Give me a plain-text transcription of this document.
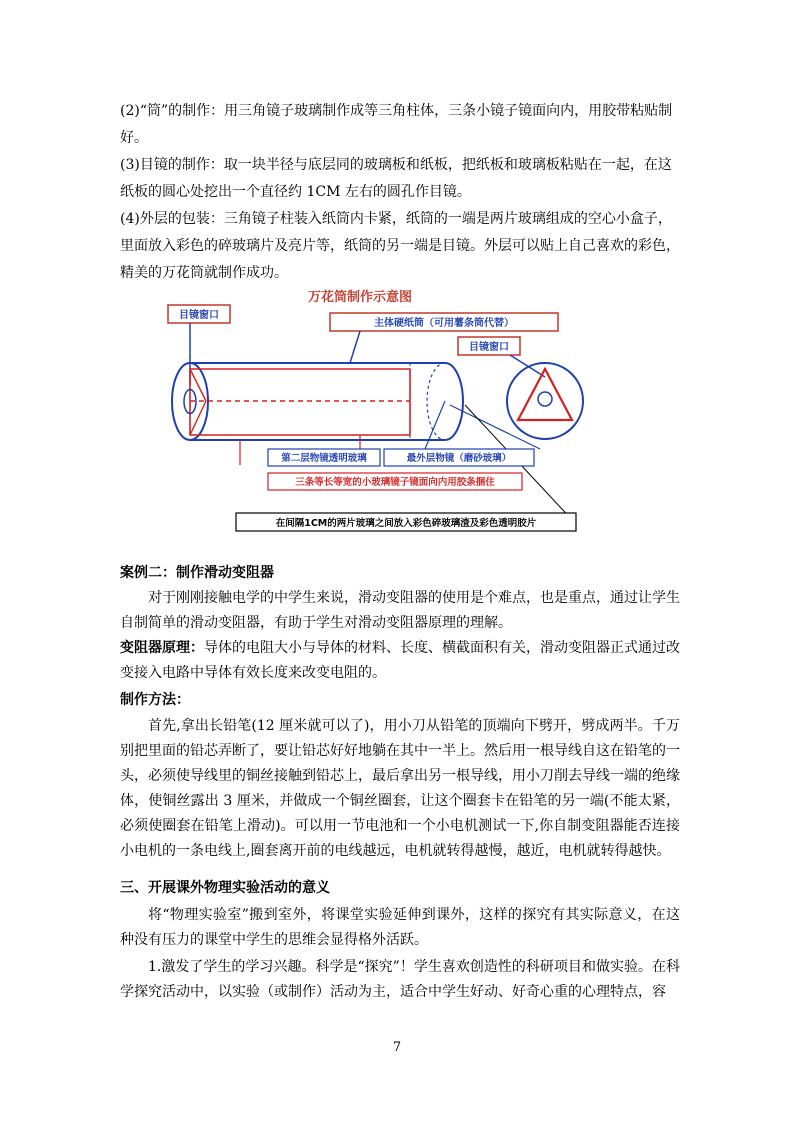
(2)“筒”的制作：用三角镜子玻璃制作成等三角柱体，三条小镜子镜面向内，用胶带粘贴制好。
(3)目镜的制作：取一块半径与底层同的玻璃板和纸板，把纸板和玻璃板粘贴在一起，在这纸板的圆心处挖出一个直径约 1CM 左右的圆孔作目镜。
(4)外层的包装：三角镜子柱装入纸筒内卡紧，纸筒的一端是两片玻璃组成的空心小盒子，里面放入彩色的碎玻璃片及亮片等，纸筒的另一端是目镜。外层可以贴上自己喜欢的彩色，精美的万花筒就制作成功。
万花筒制作示意图
目镜窗口
主体硬纸筒（可用薯条筒代替）
目镜窗口
第二层物镜透明玻璃	最外层物镜（磨砂玻璃）
三条等长等宽的小玻璃镜子镜面向内用胶条捆住
在间隔1CM的两片玻璃之间放入彩色碎玻璃渣及彩色透明胶片
案例二：制作滑动变阻器

对于刚刚接触电学的中学生来说，滑动变阻器的使用是个难点，也是重点，通过让学生自制简单的滑动变阻器，有助于学生对滑动变阻器原理的理解。

变阻器原理：导体的电阻大小与导体的材料、长度、横截面积有关，滑动变阻器正式通过改变接入电路中导体有效长度来改变电阻的。

制作方法：

首先,拿出长铅笔(12 厘米就可以了)，用小刀从铅笔的顶端向下劈开，劈成两半。千万别把里面的铅芯弄断了，要让铅芯好好地躺在其中一半上。然后用一根导线自这在铅笔的一头，必须使导线里的铜丝接触到铅芯上，最后拿出另一根导线，用小刀削去导线一端的绝缘体，使铜丝露出 3 厘米，并做成一个铜丝圈套，让这个圈套卡在铅笔的另一端(不能太紧，必须使圈套在铅笔上滑动)。可以用一节电池和一个小电机测试一下,你自制变阻器能否连接小电机的一条电线上,圈套离开前的电线越远，电机就转得越慢，越近，电机就转得越快。

三、开展课外物理实验活动的意义

将“物理实验室”搬到室外，将课堂实验延伸到课外，这样的探究有其实际意义，在这种没有压力的课堂中学生的思维会显得格外活跃。

1.激发了学生的学习兴趣。科学是“探究”！学生喜欢创造性的科研项目和做实验。在科学探究活动中，以实验（或制作）活动为主，适合中学生好动、好奇心重的心理特点，容

7
